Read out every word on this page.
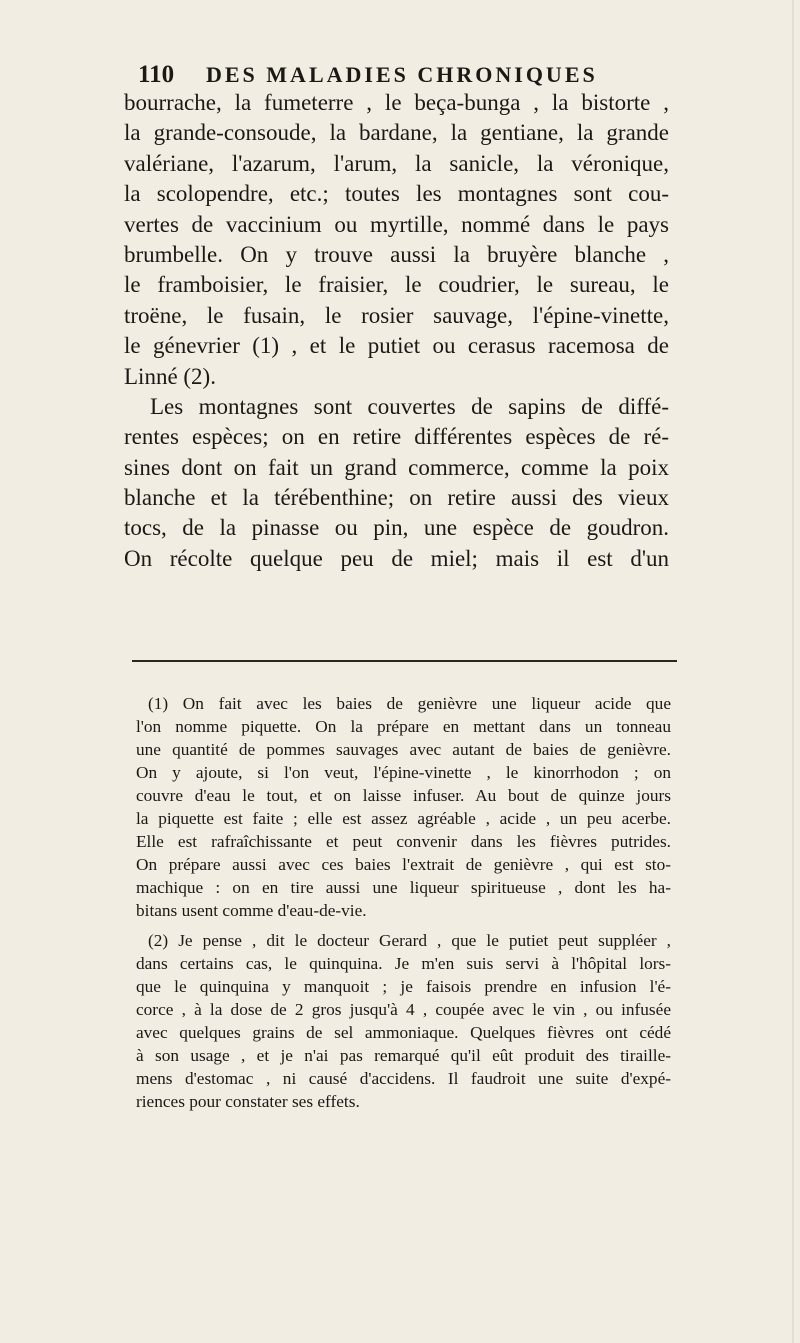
110 DES MALADIES CHRONIQUES
bourrache, la fumeterre , le beça-bunga , la bistorte ,
la grande-consoude, la bardane, la gentiane, la grande
valériane, l'azarum, l'arum, la sanicle, la véronique,
la scolopendre, etc.; toutes les montagnes sont cou-
vertes de vaccinium ou myrtille, nommé dans le pays
brumbelle. On y trouve aussi la bruyère blanche ,
le framboisier, le fraisier, le coudrier, le sureau, le
troëne, le fusain, le rosier sauvage, l'épine-vinette,
le génevrier (1) , et le putiet ou cerasus racemosa de
Linné (2).
Les montagnes sont couvertes de sapins de diffé-
rentes espèces; on en retire différentes espèces de ré-
sines dont on fait un grand commerce, comme la poix
blanche et la térébenthine; on retire aussi des vieux
tocs, de la pinasse ou pin, une espèce de goudron.
On récolte quelque peu de miel; mais il est d'un
(1) On fait avec les baies de genièvre une liqueur acide que
l'on nomme piquette. On la prépare en mettant dans un tonneau
une quantité de pommes sauvages avec autant de baies de genièvre.
On y ajoute, si l'on veut, l'épine-vinette , le kinorrhodon ; on
couvre d'eau le tout, et on laisse infuser. Au bout de quinze jours
la piquette est faite ; elle est assez agréable , acide , un peu acerbe.
Elle est rafraîchissante et peut convenir dans les fièvres putrides.
On prépare aussi avec ces baies l'extrait de genièvre , qui est sto-
machique : on en tire aussi une liqueur spiritueuse , dont les ha-
bitans usent comme d'eau-de-vie.
(2) Je pense , dit le docteur Gerard , que le putiet peut suppléer ,
dans certains cas, le quinquina. Je m'en suis servi à l'hôpital lors-
que le quinquina y manquoit ; je faisois prendre en infusion l'é-
corce , à la dose de 2 gros jusqu'à 4 , coupée avec le vin , ou infusée
avec quelques grains de sel ammoniaque. Quelques fièvres ont cédé
à son usage , et je n'ai pas remarqué qu'il eût produit des tiraille-
mens d'estomac , ni causé d'accidens. Il faudroit une suite d'expé-
riences pour constater ses effets.
